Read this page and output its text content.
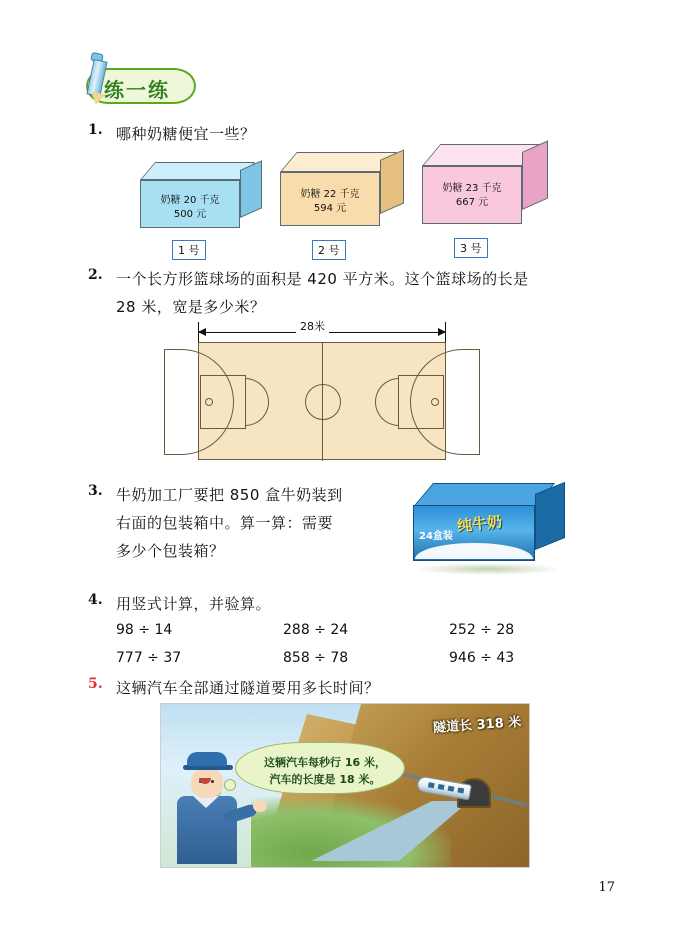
练一练
1. 哪种奶糖便宜一些？
奶糖 20 千克
500 元
1 号
奶糖 22 千克
594 元
2 号
奶糖 23 千克
667 元
3 号
2. 一个长方形篮球场的面积是 420 平方米。这个篮球场的长是
28 米，宽是多少米？
28米
3. 牛奶加工厂要把 850 盒牛奶装到
右面的包装箱中。算一算：需要
多少个包装箱？
24盒装
纯牛奶
4. 用竖式计算，并验算。
98 ÷ 14	288 ÷ 24	252 ÷ 28
777 ÷ 37	858 ÷ 78	946 ÷ 43
5. 这辆汽车全部通过隧道要用多长时间？
隧道长 318 米
这辆汽车每秒行 16 米，
汽车的长度是 18 米。
17
